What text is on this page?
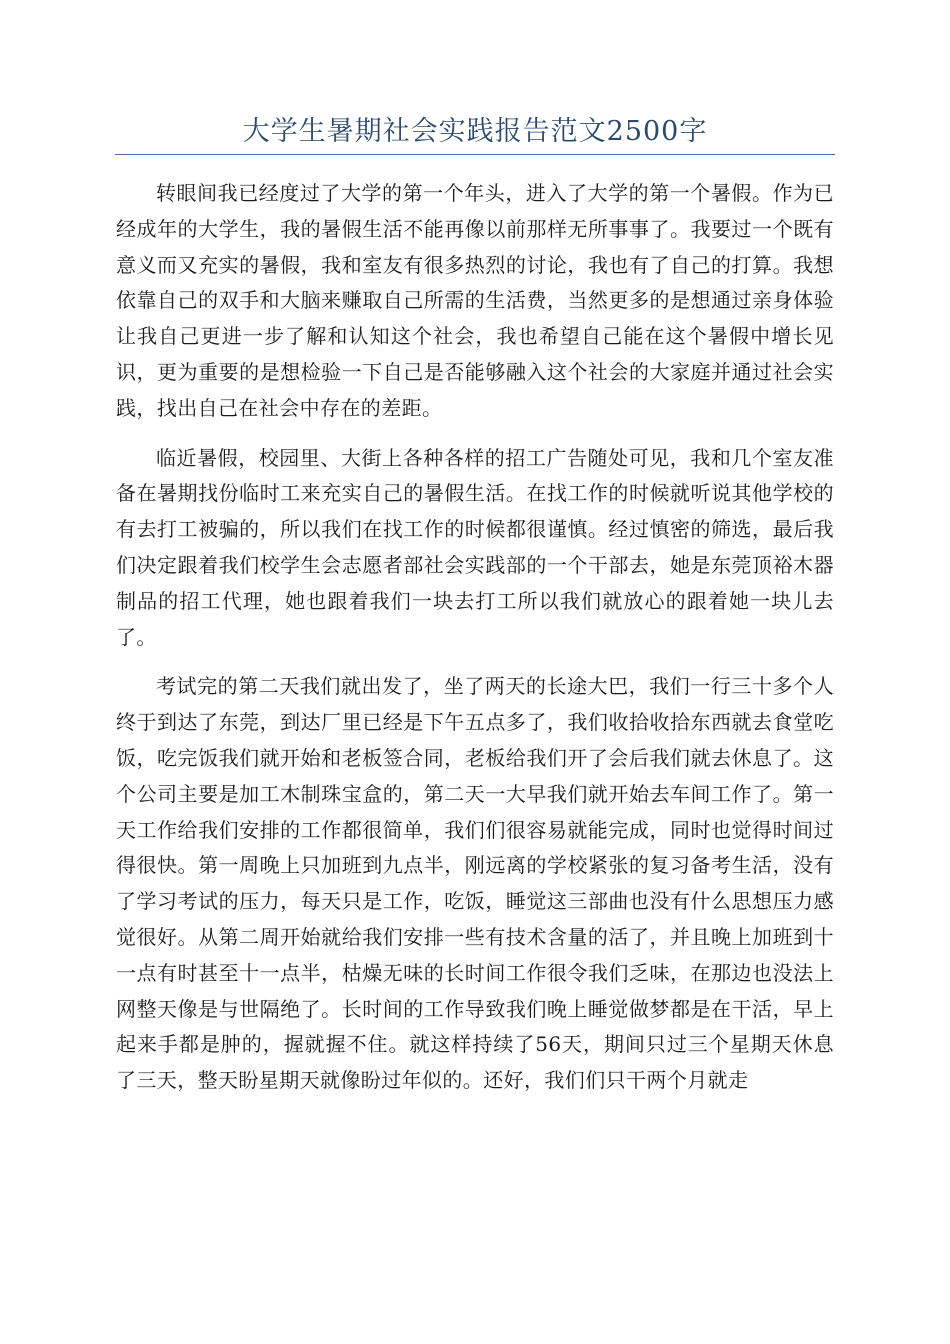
大学生暑期社会实践报告范文2500字

转眼间我已经度过了大学的第一个年头，进入了大学的第一个暑假。作为已经成年的大学生，我的暑假生活不能再像以前那样无所事事了。我要过一个既有意义而又充实的暑假，我和室友有很多热烈的讨论，我也有了自己的打算。我想依靠自己的双手和大脑来赚取自己所需的生活费，当然更多的是想通过亲身体验让我自己更进一步了解和认知这个社会，我也希望自己能在这个暑假中增长见识，更为重要的是想检验一下自己是否能够融入这个社会的大家庭并通过社会实践，找出自己在社会中存在的差距。

临近暑假，校园里、大街上各种各样的招工广告随处可见，我和几个室友准备在暑期找份临时工来充实自己的暑假生活。在找工作的时候就听说其他学校的有去打工被骗的，所以我们在找工作的时候都很谨慎。经过慎密的筛选，最后我们决定跟着我们校学生会志愿者部社会实践部的一个干部去，她是东莞顶裕木器制品的招工代理，她也跟着我们一块去打工所以我们就放心的跟着她一块儿去了。

考试完的第二天我们就出发了，坐了两天的长途大巴，我们一行三十多个人终于到达了东莞，到达厂里已经是下午五点多了，我们收拾收拾东西就去食堂吃饭，吃完饭我们就开始和老板签合同，老板给我们开了会后我们就去休息了。这个公司主要是加工木制珠宝盒的，第二天一大早我们就开始去车间工作了。第一天工作给我们安排的工作都很简单，我们们很容易就能完成，同时也觉得时间过得很快。第一周晚上只加班到九点半，刚远离的学校紧张的复习备考生活，没有了学习考试的压力，每天只是工作，吃饭，睡觉这三部曲也没有什么思想压力感觉很好。从第二周开始就给我们安排一些有技术含量的活了，并且晚上加班到十一点有时甚至十一点半，枯燥无味的长时间工作很令我们乏味，在那边也没法上网整天像是与世隔绝了。长时间的工作导致我们晚上睡觉做梦都是在干活，早上起来手都是肿的，握就握不住。就这样持续了56天，期间只过三个星期天休息了三天，整天盼星期天就像盼过年似的。还好，我们们只干两个月就走
